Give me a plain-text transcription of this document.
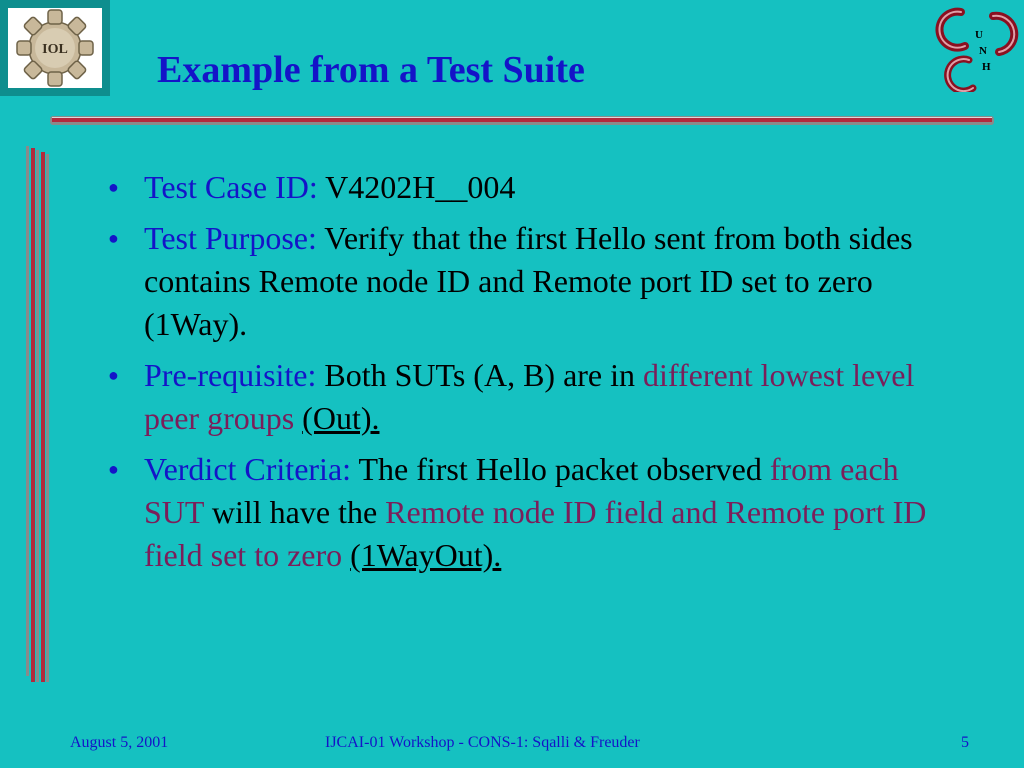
IOL
U
N
H
Example from a Test Suite
● Test Case ID: V4202H__004
● Test Purpose: Verify that the first Hello sent from both sides contains Remote node ID and Remote port ID set to zero (1Way).
● Pre-requisite: Both SUTs (A, B) are in different lowest level peer groups (Out).
● Verdict Criteria: The first Hello packet observed from each SUT will have the Remote node ID field and Remote port ID field set to zero (1WayOut).
August 5, 2001	IJCAI-01 Workshop - CONS-1: Sqalli & Freuder	5
